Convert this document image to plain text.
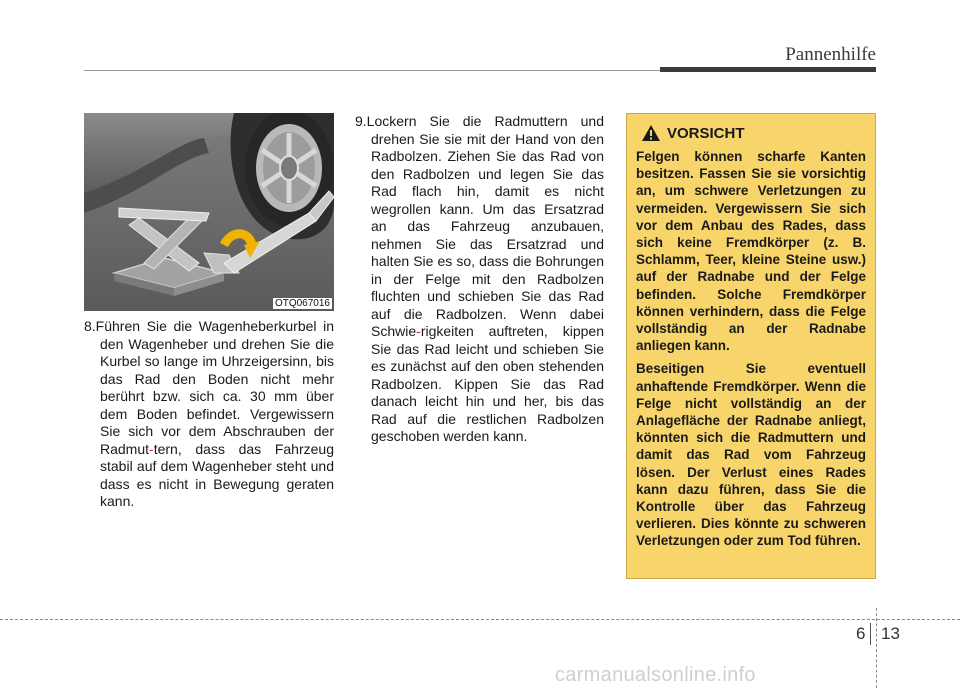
Pannenhilfe
OTQ067016

8.Führen Sie die Wagenheberkurbel in den Wagenheber und drehen Sie die Kurbel so lange im Uhrzeigersinn, bis das Rad den Boden nicht mehr berührt bzw. sich ca. 30 mm über dem Boden befindet. Vergewissern Sie sich vor dem Abschrauben der Radmut-tern, dass das Fahrzeug stabil auf dem Wagenheber steht und dass es nicht in Bewegung geraten kann.

9.Lockern Sie die Radmuttern und drehen Sie sie mit der Hand von den Radbolzen. Ziehen Sie das Rad von den Radbolzen und legen Sie das Rad flach hin, damit es nicht wegrollen kann. Um das Ersatzrad an das Fahrzeug anzubauen, nehmen Sie das Ersatzrad und halten Sie es so, dass die Bohrungen in der Felge mit den Radbolzen fluchten und schieben Sie das Rad auf die Radbolzen. Wenn dabei Schwie-rigkeiten auftreten, kippen Sie das Rad leicht und schieben Sie es zunächst auf den oben stehenden Radbolzen. Kippen Sie das Rad danach leicht hin und her, bis das Rad auf die restlichen Radbolzen geschoben werden kann.

VORSICHT

Felgen können scharfe Kanten besitzen. Fassen Sie sie vorsichtig an, um schwere Verletzungen zu vermeiden. Vergewissern Sie sich vor dem Anbau des Rades, dass sich keine Fremdkörper (z. B. Schlamm, Teer, kleine Steine usw.) auf der Radnabe und der Felge befinden. Solche Fremdkörper können verhindern, dass die Felge vollständig an der Radnabe anliegen kann.

Beseitigen Sie eventuell anhaftende Fremdkörper. Wenn die Felge nicht vollständig an der Anlagefläche der Radnabe anliegt, könnten sich die Radmuttern und damit das Rad vom Fahrzeug lösen. Der Verlust eines Rades kann dazu führen, dass Sie die Kontrolle über das Fahrzeug verlieren. Dies könnte zu schweren Verletzungen oder zum Tod führen.

6 13
carmanualsonline.info
